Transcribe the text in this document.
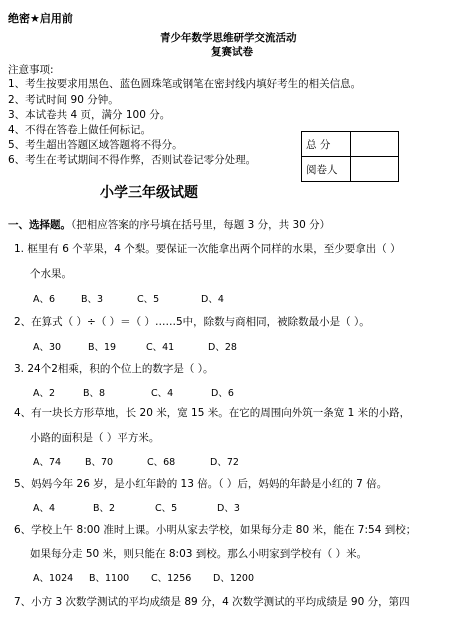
绝密★启用前
青少年数学思维研学交流活动
复赛试卷
注意事项:
1、考生按要求用黑色、蓝色圆珠笔或钢笔在密封线内填好考生的相关信息。
2、考试时间 90 分钟。
3、本试卷共 4 页，满分 100 分。
4、不得在答卷上做任何标记。
5、考生超出答题区域答题将不得分。
6、考生在考试期间不得作弊，否则试卷记零分处理。
总 分	
阅卷人	
小学三年级试题
一、选择题。（把相应答案的序号填在括号里，每题 3 分，共 30 分）
1. 框里有 6 个苹果，4 个梨。要保证一次能拿出两个同样的水果，至少要拿出（ ）
个水果。
A、6	B、3	C、5	D、4
2、在算式（ ）÷（ ）＝（ ）……5中，除数与商相同，被除数最小是（ ）。
A、30	B、19	C、41	D、28
3. 24个2相乘，积的个位上的数字是（ ）。
A、2	B、8	C、4	D、6
4、有一块长方形草地，长 20 米，宽 15 米。在它的周围向外筑一条宽 1 米的小路，
小路的面积是（ ）平方米。
A、74	B、70	C、68	D、72
5、妈妈今年 26 岁，是小红年龄的 13 倍。（ ）后，妈妈的年龄是小红的 7 倍。
A、4	B、2	C、5	D、3
6、学校上午 8:00 准时上课。小明从家去学校，如果每分走 80 米，能在 7:54 到校；
如果每分走 50 米，则只能在 8:03 到校。那么小明家到学校有（ ）米。
A、1024 B、1100 C、1256 D、1200
7、小方 3 次数学测试的平均成绩是 89 分，4 次数学测试的平均成绩是 90 分，第四
